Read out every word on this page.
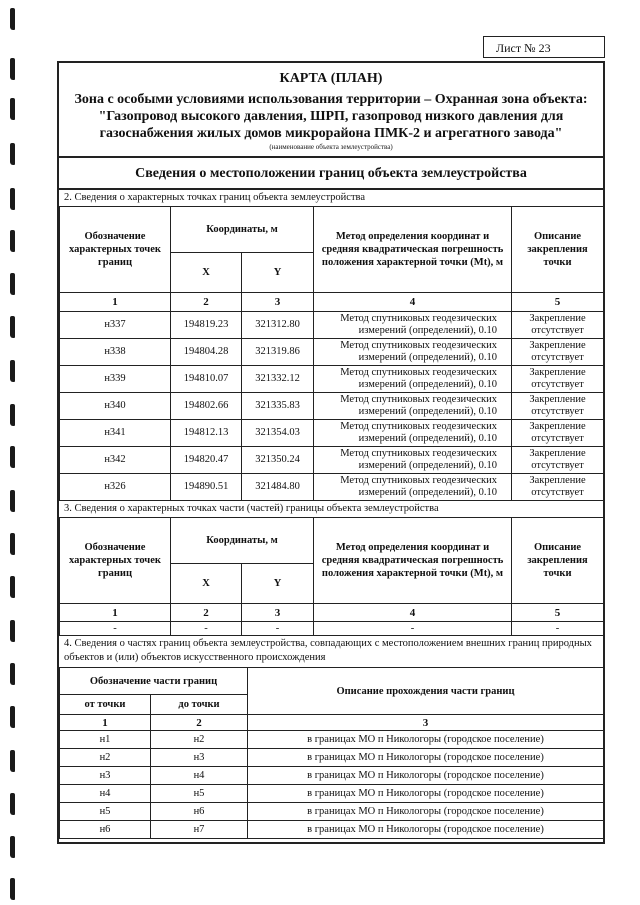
Лист № 23
КАРТА (ПЛАН)
Зона с особыми условиями использования территории – Охранная зона объекта: "Газопровод высокого давления, ШРП, газопровод низкого давления для газоснабжения жилых домов микрорайона ПМК-2 и агрегатного завода"
(наименование объекта землеустройства)
Сведения о местоположении границ объекта землеустройства
2. Сведения о характерных точках границ объекта землеустройства
Обозначение характерных точек границ	Координаты, м		Метод определения координат и средняя квадратическая погрешность положения характерной точки (Mt), м	Описание закрепления точки
	X	Y		
1	2	3	4	5
н337	194819.23	321312.80	Метод спутниковых геодезических измерений (определений), 0.10	Закрепление отсутствует
н338	194804.28	321319.86	Метод спутниковых геодезических измерений (определений), 0.10	Закрепление отсутствует
н339	194810.07	321332.12	Метод спутниковых геодезических измерений (определений), 0.10	Закрепление отсутствует
н340	194802.66	321335.83	Метод спутниковых геодезических измерений (определений), 0.10	Закрепление отсутствует
н341	194812.13	321354.03	Метод спутниковых геодезических измерений (определений), 0.10	Закрепление отсутствует
н342	194820.47	321350.24	Метод спутниковых геодезических измерений (определений), 0.10	Закрепление отсутствует
н326	194890.51	321484.80	Метод спутниковых геодезических измерений (определений), 0.10	Закрепление отсутствует
3. Сведения о характерных точках части (частей) границы объекта землеустройства
Обозначение характерных точек границ	Координаты, м		Метод определения координат и средняя квадратическая погрешность положения характерной точки (Mt), м	Описание закрепления точки
	X	Y		
1	2	3	4	5
-	-	-	-	-
4. Сведения о частях границ объекта землеустройства, совпадающих с местоположением внешних границ природных объектов и (или) объектов искусственного происхождения
Обозначение части границ		Описание прохождения части границ
от точки	до точки	
1	2	3
н1	н2	в границах МО п Никологоры (городское поселение)
н2	н3	в границах МО п Никологоры (городское поселение)
н3	н4	в границах МО п Никологоры (городское поселение)
н4	н5	в границах МО п Никологоры (городское поселение)
н5	н6	в границах МО п Никологоры (городское поселение)
н6	н7	в границах МО п Никологоры (городское поселение)
